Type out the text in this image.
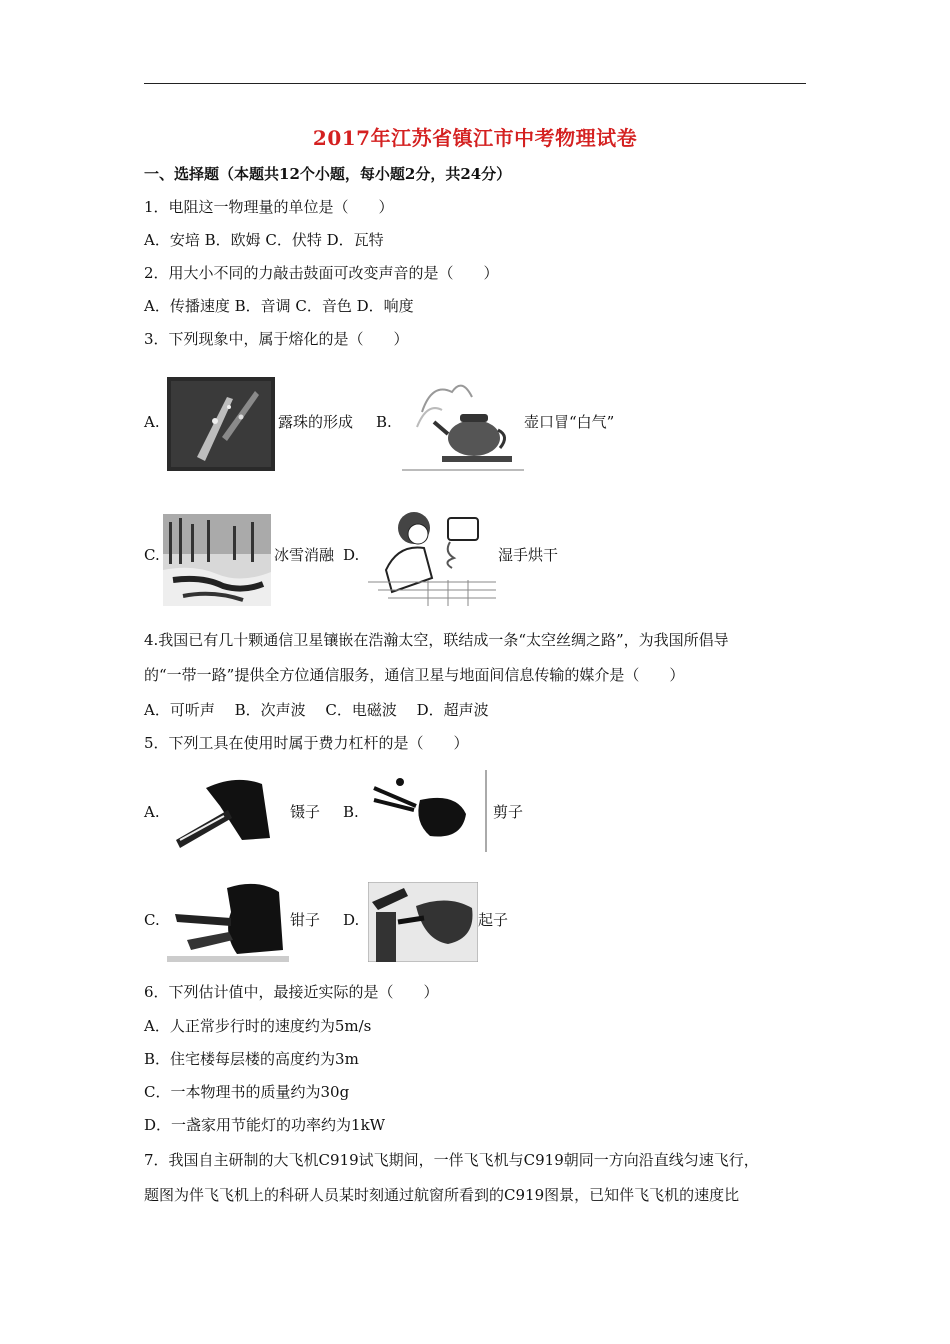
2017年江苏省镇江市中考物理试卷
一、选择题（本题共12个小题，每小题2分，共24分）
1．电阻这一物理量的单位是（　　）
A．安培 B．欧姆 C．伏特 D．瓦特
2．用大小不同的力敲击鼓面可改变声音的是（　　）
A．传播速度 B．音调 C．音色 D．响度
3．下列现象中，属于熔化的是（　　）
A.	露珠的形成 B.	壶口冒“白气”
C.	冰雪消融 D.	湿手烘干
4.我国已有几十颗通信卫星镶嵌在浩瀚太空，联结成一条“太空丝绸之路”，为我国所倡导
的“一带一路”提供全方位通信服务，通信卫星与地面间信息传输的媒介是（　　）
A．可听声　 B．次声波　 C．电磁波　 D．超声波
5．下列工具在使用时属于费力杠杆的是（　　）
A.	镊子 B.	剪子
C.	钳子 D.	起子
6．下列估计值中，最接近实际的是（　　）
A．人正常步行时的速度约为5m/s
B．住宅楼每层楼的高度约为3m
C．一本物理书的质量约为30g
D．一盏家用节能灯的功率约为1kW
7．我国自主研制的大飞机C919试飞期间，一伴飞飞机与C919朝同一方向沿直线匀速飞行，
题图为伴飞飞机上的科研人员某时刻通过航窗所看到的C919图景，已知伴飞飞机的速度比
